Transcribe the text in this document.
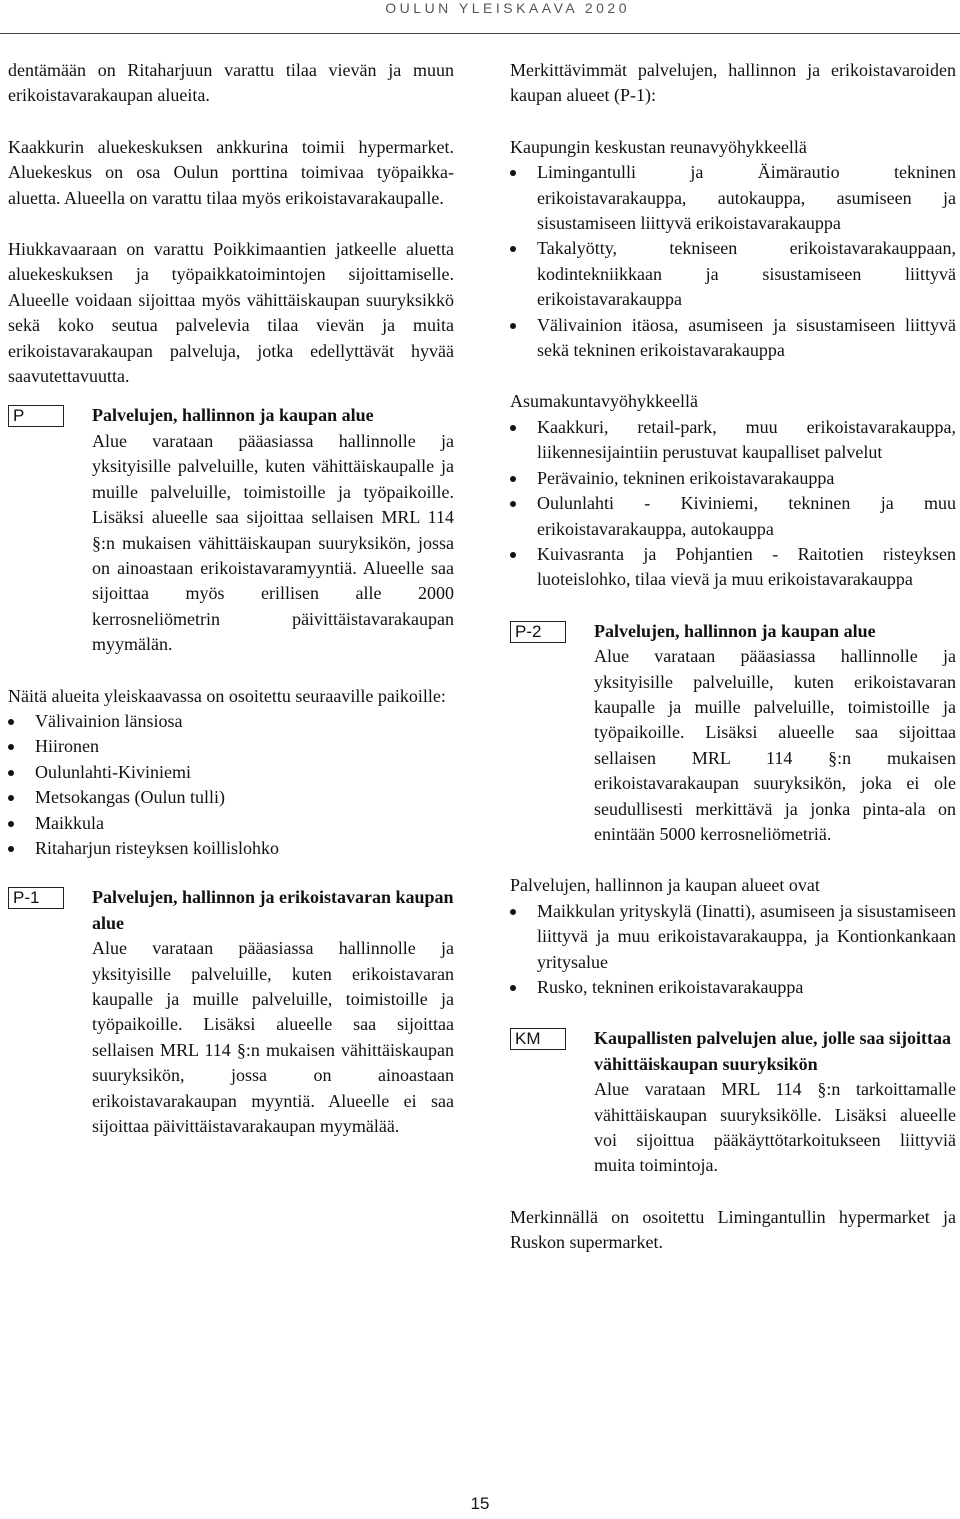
OULUN YLEISKAAVA 2020

dentämään on Ritaharjuun varattu tilaa vievän ja muun erikoistavarakaupan alueita.

Kaakkurin aluekeskuksen ankkurina toimii hypermarket. Aluekeskus on osa Oulun porttina toimivaa työpaikka-aluetta. Alueella on varattu tilaa myös erikoistavarakaupalle.

Hiukkavaaraan on varattu Poikkimaantien jatkeelle aluetta aluekeskuksen ja työpaikkatoimintojen sijoittamiselle. Alueelle voidaan sijoittaa myös vähittäiskaupan suuryksikkö sekä koko seutua palvelevia tilaa vievän ja muita erikoistavarakaupan palveluja, jotka edellyttävät hyvää saavutettavuutta.

P	Palvelujen, hallinnon ja kaupan alue

Alue varataan pääasiassa hallinnolle ja yksityisille palveluille, kuten vähittäiskaupalle ja muille palveluille, toimistoille ja työpaikoille. Lisäksi alueelle saa sijoittaa sellaisen MRL 114 §:n mukaisen vähittäiskaupan suuryksikön, jossa on ainoastaan erikoistavaramyyntiä. Alueelle saa sijoittaa myös erillisen alle 2000 kerrosneliömetrin päivittäistavarakaupan myymälän.

Näitä alueita yleiskaavassa on osoitettu seuraaville paikoille:

Välivainion länsiosa
Hiironen
Oulunlahti-Kiviniemi
Metsokangas (Oulun tulli)
Maikkula
Ritaharjun risteyksen koillislohko
P-1	Palvelujen, hallinnon ja erikoistavaran kaupan alue

Alue varataan pääasiassa hallinnolle ja yksityisille palveluille, kuten erikoistavaran kaupalle ja muille palveluille, toimistoille ja työpaikoille. Lisäksi alueelle saa sijoittaa sellaisen MRL 114 §:n mukaisen vähittäiskaupan suuryksikön, jossa on ainoastaan erikoistavarakaupan myyntiä. Alueelle ei saa sijoittaa päivittäistavarakaupan myymälää.

Merkittävimmät palvelujen, hallinnon ja erikoistavaroiden kaupan alueet (P-1):

Kaupungin keskustan reunavyöhykkeellä

Limingantulli ja Äimärautio tekninen erikoistavarakauppa, autokauppa, asumiseen ja sisustamiseen liittyvä erikoistavarakauppa
Takalyötty, tekniseen erikoistavarakauppaan, kodintekniikkaan ja sisustamiseen liittyvä erikoistavarakauppa
Välivainion itäosa, asumiseen ja sisustamiseen liittyvä sekä tekninen erikoistavarakauppa

Asumakuntavyöhykkeellä

Kaakkuri, retail-park, muu erikoistavarakauppa, liikennesijaintiin perustuvat kaupalliset palvelut
Perävainio, tekninen erikoistavarakauppa
Oulunlahti - Kiviniemi, tekninen ja muu erikoistavarakauppa, autokauppa
Kuivasranta ja Pohjantien - Raitotien risteyksen luoteislohko, tilaa vievä ja muu erikoistavarakauppa
P-2	Palvelujen, hallinnon ja kaupan alue

Alue varataan pääasiassa hallinnolle ja yksityisille palveluille, kuten erikoistavaran kaupalle ja muille palveluille, toimistoille ja työpaikoille. Lisäksi alueelle saa sijoittaa sellaisen MRL 114 §:n mukaisen erikoistavarakaupan suuryksikön, joka ei ole seudullisesti merkittävä ja jonka pinta-ala on enintään 5000 kerrosneliömetriä.

Palvelujen, hallinnon ja kaupan alueet ovat

Maikkulan yrityskylä (Iinatti), asumiseen ja sisustamiseen liittyvä ja muu erikoistavarakauppa, ja Kontionkankaan yritysalue
Rusko, tekninen erikoistavarakauppa
KM	Kaupallisten palvelujen alue, jolle saa sijoittaa vähittäiskaupan suuryksikön

Alue varataan MRL 114 §:n tarkoittamalle vähittäiskaupan suuryksikölle. Lisäksi alueelle voi sijoittua pääkäyttötarkoitukseen liittyviä muita toimintoja.

Merkinnällä on osoitettu Limingantullin hypermarket ja Ruskon supermarket.

15
